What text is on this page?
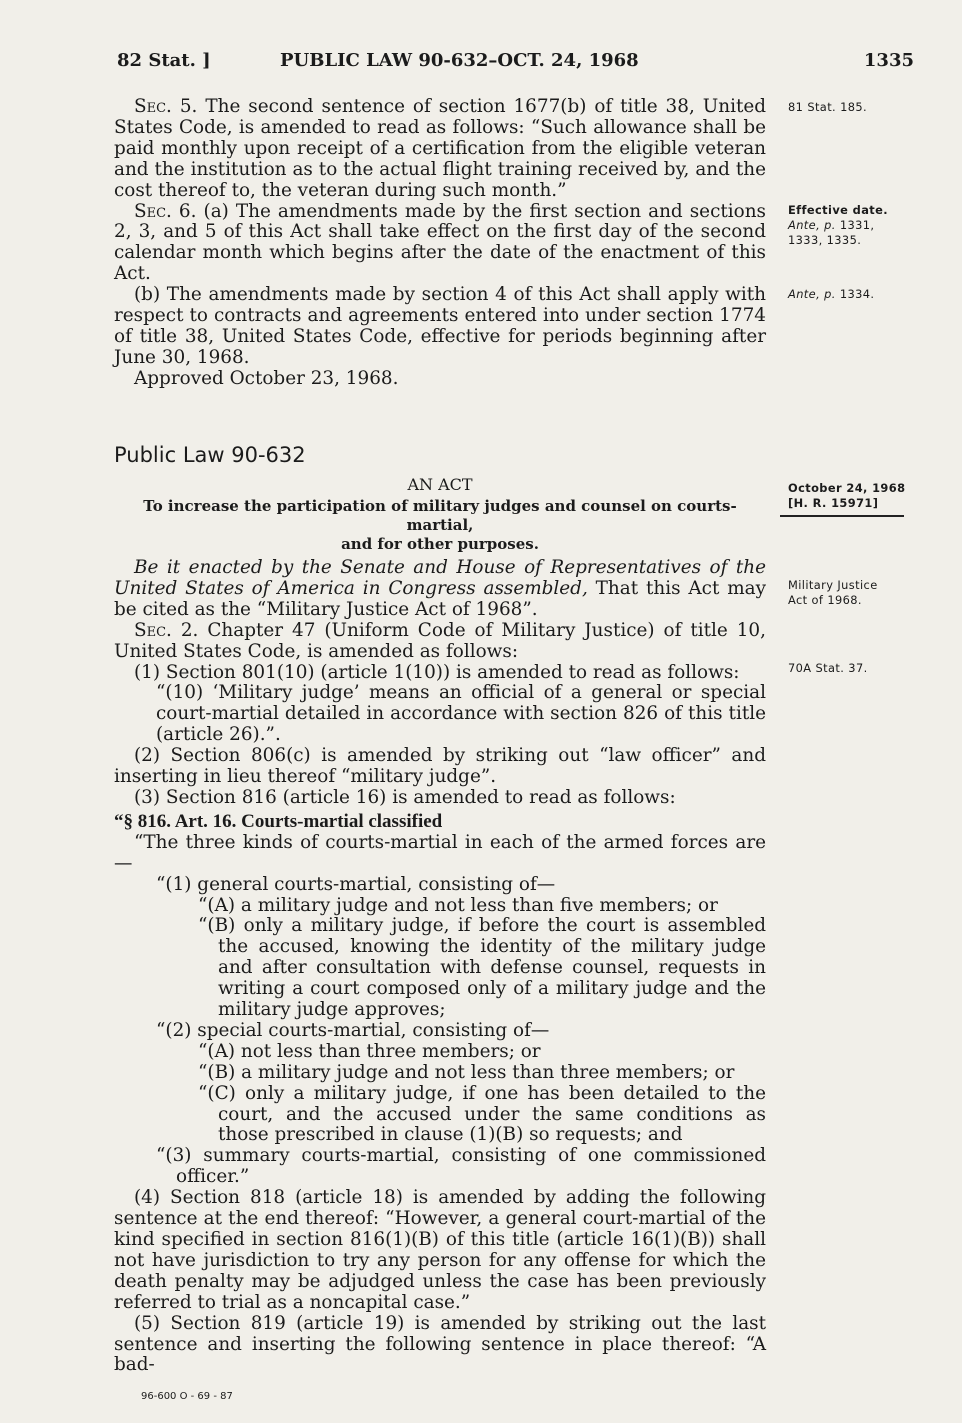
82 Stat. ]	PUBLIC LAW 90-632–OCT. 24, 1968	1335

Sec. 5. The second sentence of section 1677(b) of title 38, United States Code, is amended to read as follows: “Such allowance shall be paid monthly upon receipt of a certification from the eligible veteran and the institution as to the actual flight training received by, and the cost thereof to, the veteran during such month.”

Sec. 6. (a) The amendments made by the first section and sections 2, 3, and 5 of this Act shall take effect on the first day of the second calendar month which begins after the date of the enactment of this Act.

(b) The amendments made by section 4 of this Act shall apply with respect to contracts and agreements entered into under section 1774 of title 38, United States Code, effective for periods beginning after June 30, 1968.

Approved October 23, 1968.

81 Stat. 185.
Effective date.
Ante, p. 1331,
1333, 1335.
Ante, p. 1334.
Public Law 90-632
AN ACT
To increase the participation of military judges and counsel on courts-martial,
and for other purposes.
October 24, 1968
[H. R. 15971]
Military Justice
Act of 1968.
70A Stat. 37.

Be it enacted by the Senate and House of Representatives of the United States of America in Congress assembled, That this Act may be cited as the “Military Justice Act of 1968”.

Sec. 2. Chapter 47 (Uniform Code of Military Justice) of title 10, United States Code, is amended as follows:

(1) Section 801(10) (article 1(10)) is amended to read as follows:

“(10) ‘Military judge’ means an official of a general or special court-martial detailed in accordance with section 826 of this title (article 26).”.

(2) Section 806(c) is amended by striking out “law officer” and inserting in lieu thereof “military judge”.

(3) Section 816 (article 16) is amended to read as follows:

“§ 816. Art. 16. Courts-martial classified

“The three kinds of courts-martial in each of the armed forces are—

“(1) general courts-martial, consisting of—

“(A) a military judge and not less than five members; or

“(B) only a military judge, if before the court is assembled the accused, knowing the identity of the military judge and after consultation with defense counsel, requests in writing a court composed only of a military judge and the military judge approves;

“(2) special courts-martial, consisting of—

“(A) not less than three members; or

“(B) a military judge and not less than three members; or

“(C) only a military judge, if one has been detailed to the court, and the accused under the same conditions as those prescribed in clause (1)(B) so requests; and

“(3) summary courts-martial, consisting of one commissioned officer.”

(4) Section 818 (article 18) is amended by adding the following sentence at the end thereof: “However, a general court-martial of the kind specified in section 816(1)(B) of this title (article 16(1)(B)) shall not have jurisdiction to try any person for any offense for which the death penalty may be adjudged unless the case has been previously referred to trial as a noncapital case.”

(5) Section 819 (article 19) is amended by striking out the last sentence and inserting the following sentence in place thereof: “A bad-

96-600 O - 69 - 87
